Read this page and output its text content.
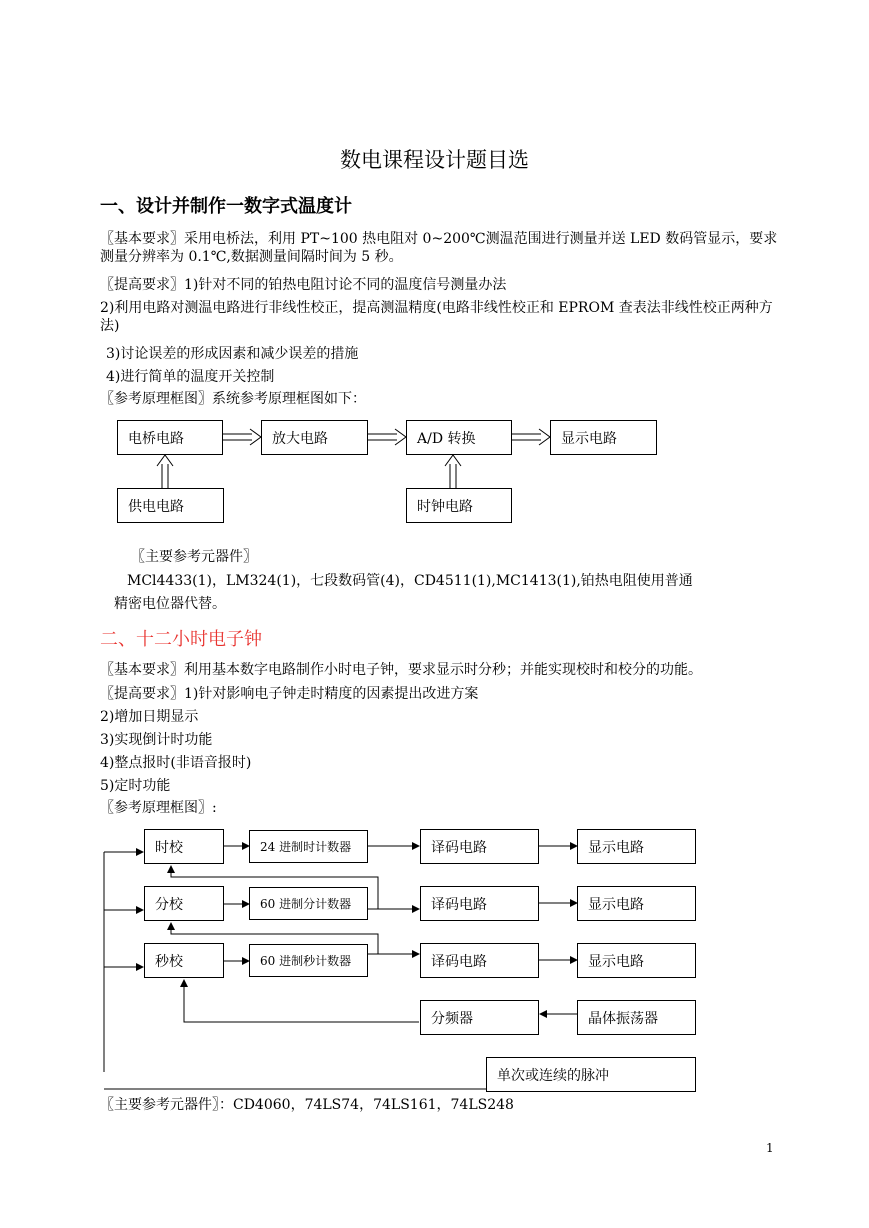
数电课程设计题目选
一、设计并制作一数字式温度计
〖基本要求〗采用电桥法，利用 PT~100 热电阻对 0~200℃测温范围进行测量并送 LED 数码管显示，要求测量分辨率为 0.1℃,数据测量间隔时间为 5 秒。
〖提高要求〗1)针对不同的铂热电阻讨论不同的温度信号测量办法
2)利用电路对测温电路进行非线性校正，提高测温精度(电路非线性校正和 EPROM 查表法非线性校正两种方法)
3)讨论误差的形成因素和减少误差的措施
4)进行简单的温度开关控制
〖参考原理框图〗系统参考原理框图如下：
电桥电路	放大电路	A/D 转换	显示电路
供电电路	时钟电路
〖主要参考元器件〗
MCl4433(1)，LM324(1)，七段数码管(4)，CD4511(1),MC1413(1),铂热电阻使用普通
精密电位器代替。
二、十二小时电子钟
〖基本要求〗利用基本数字电路制作小时电子钟，要求显示时分秒；并能实现校时和校分的功能。
〖提高要求〗1)针对影响电子钟走时精度的因素提出改进方案
2)增加日期显示
3)实现倒计时功能
4)整点报时(非语音报时)
5)定时功能
〖参考原理框图〗:
时校	24 进制时计数器	译码电路	显示电路
分校	60 进制分计数器	译码电路	显示电路
秒校	60 进制秒计数器	译码电路	显示电路
分频器	晶体振荡器
单次或连续的脉冲
〖主要参考元器件〗：CD4060，74LS74，74LS161，74LS248
1
